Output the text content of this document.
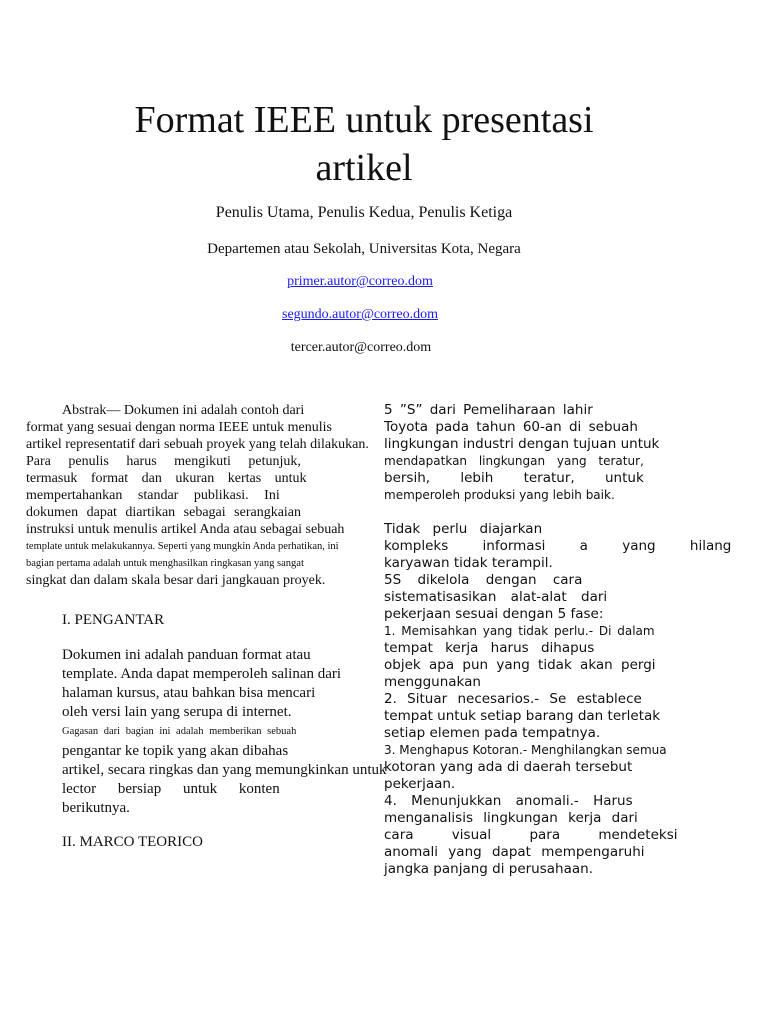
Format IEEE untuk presentasi artikel
Penulis Utama, Penulis Kedua, Penulis Ketiga
Departemen atau Sekolah, Universitas Kota, Negara
primer.autor@correo.dom
segundo.autor@correo.dom
tercer.autor@correo.dom
Abstrak— Dokumen ini adalah contoh dari
format yang sesuai dengan norma IEEE untuk menulis
artikel representatif dari sebuah proyek yang telah dilakukan.
Para penulis harus mengikuti petunjuk,
termasuk format dan ukuran kertas untuk
mempertahankan standar publikasi. Ini
dokumen dapat diartikan sebagai serangkaian
instruksi untuk menulis artikel Anda atau sebagai sebuah
template untuk melakukannya. Seperti yang mungkin Anda perhatikan, ini
bagian pertama adalah untuk menghasilkan ringkasan yang sangat
singkat dan dalam skala besar dari jangkauan proyek.
I. PENGANTAR
Dokumen ini adalah panduan format atau
template. Anda dapat memperoleh salinan dari
halaman kursus, atau bahkan bisa mencari
oleh versi lain yang serupa di internet.
Gagasan dari bagian ini adalah memberikan sebuah
pengantar ke topik yang akan dibahas
artikel, secara ringkas dan yang memungkinkan untuk
lector bersiap untuk konten
berikutnya.
II. MARCO TEORICO
5 ”S” dari Pemeliharaan lahir
Toyota pada tahun 60-an di sebuah
lingkungan industri dengan tujuan untuk
mendapatkan lingkungan yang teratur,
bersih, lebih teratur, untuk
memperoleh produksi yang lebih baik.
Tidak perlu diajarkan
kompleks informasi a yang hilang
karyawan tidak terampil.
5S dikelola dengan cara
sistematisasikan alat-alat dari
pekerjaan sesuai dengan 5 fase:
1. Memisahkan yang tidak perlu.- Di dalam
tempat kerja harus dihapus
objek apa pun yang tidak akan pergi
menggunakan
2. Situar necesarios.- Se establece
tempat untuk setiap barang dan terletak
setiap elemen pada tempatnya.
3. Menghapus Kotoran.- Menghilangkan semua
kotoran yang ada di daerah tersebut
pekerjaan.
4. Menunjukkan anomali.- Harus
menganalisis lingkungan kerja dari
cara visual para mendeteksi
anomali yang dapat mempengaruhi
jangka panjang di perusahaan.
